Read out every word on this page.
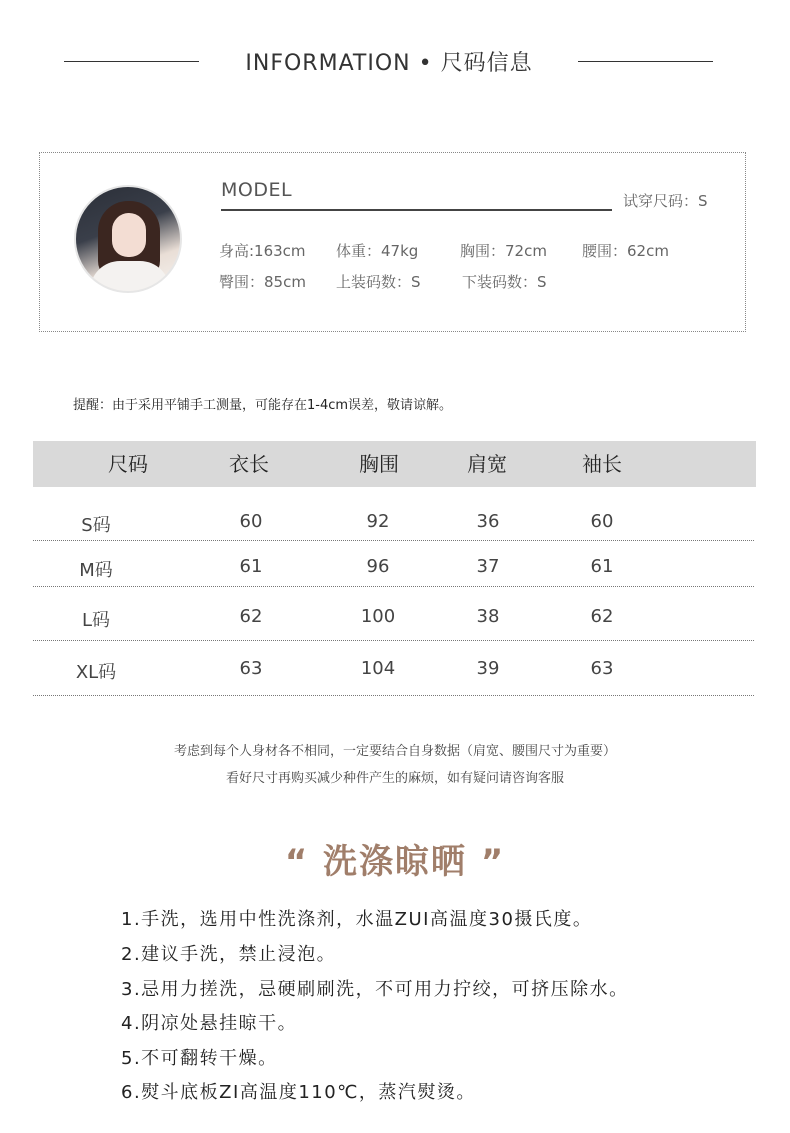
INFORMATION • 尺码信息
MODEL	试穿尺码：S
身高:163cm 体重：47kg	胸围：72cm 腰围：62cm
臀围：85cm 上装码数：S	下装码数：S
提醒：由于采用平铺手工测量，可能存在1-4cm误差，敬请谅解。
尺码	衣长	胸围	肩宽	袖长
S码	60	92	36	60
M码	61	96	37	61
L码	62	100	38	62
XL码	63	104	39	63
考虑到每个人身材各不相同，一定要结合自身数据（肩宽、腰围尺寸为重要）
看好尺寸再购买减少种件产生的麻烦，如有疑问请咨询客服
“ 洗涤晾晒 ”
1.手洗，选用中性洗涤剂，水温ZUI高温度30摄氏度。
2.建议手洗，禁止浸泡。
3.忌用力搓洗，忌硬刷刷洗，不可用力拧绞，可挤压除水。
4.阴凉处悬挂晾干。
5.不可翻转干燥。
6.熨斗底板ZI高温度110℃，蒸汽熨烫。
